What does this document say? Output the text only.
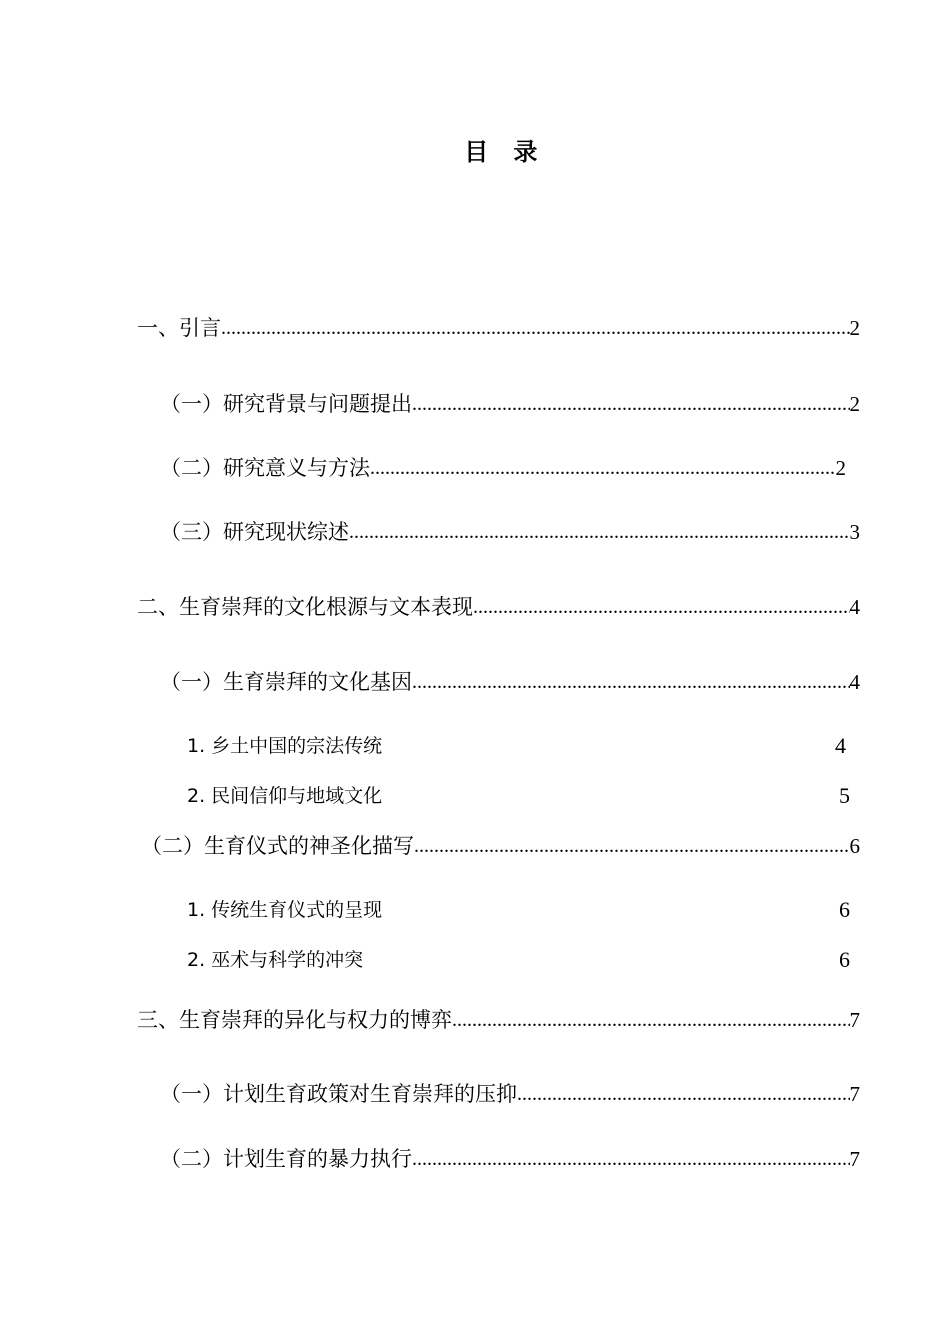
目 录
一、引言 .....	2
（一）研究背景与问题提出 .....	2
（二）研究意义与方法 .....	2
（三）研究现状综述 .....	3
二、生育崇拜的文化根源与文本表现 .....	4
（一）生育崇拜的文化基因 .....	4
1. 乡土中国的宗法传统	4
2. 民间信仰与地域文化	5
（二）生育仪式的神圣化描写 .....	6
1. 传统生育仪式的呈现	6
2. 巫术与科学的冲突	6
三、生育崇拜的异化与权力的博弈 .....	7
（一）计划生育政策对生育崇拜的压抑 .....	7
（二）计划生育的暴力执行 .....	7
